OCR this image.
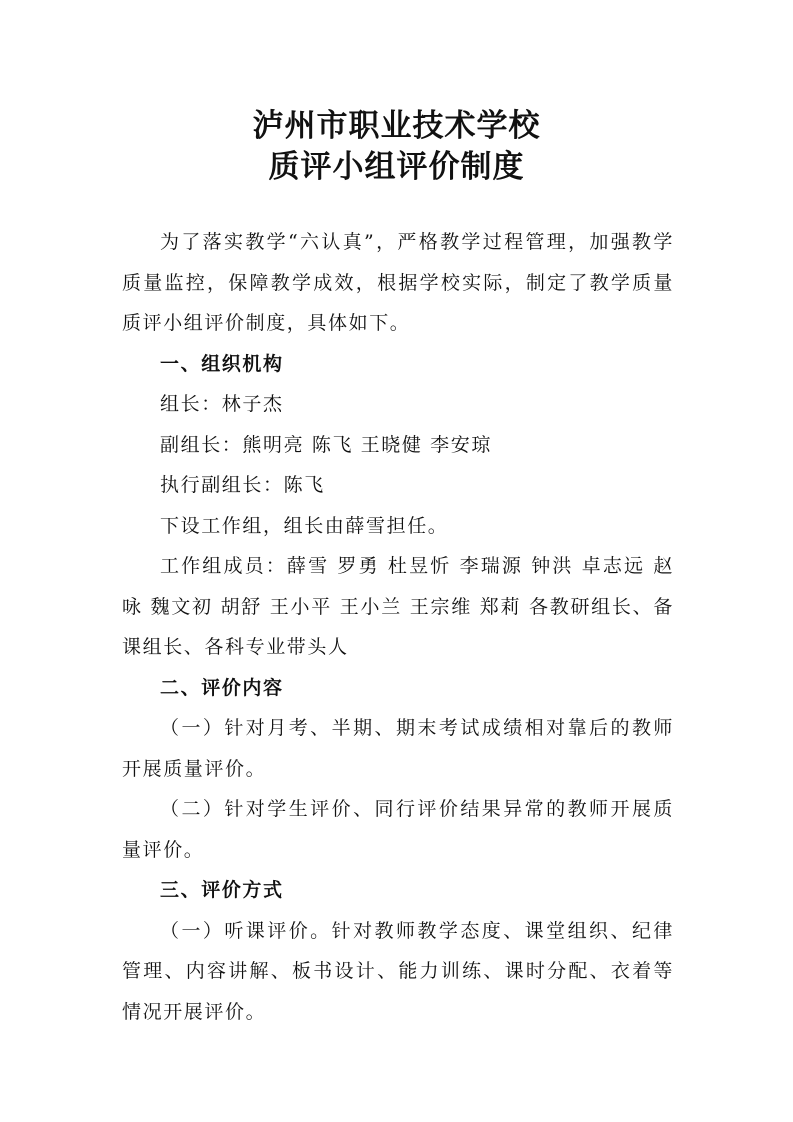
泸州市职业技术学校
质评小组评价制度

为了落实教学“六认真”，严格教学过程管理，加强教学质量监控，保障教学成效，根据学校实际，制定了教学质量质评小组评价制度，具体如下。

一、组织机构

组长：林子杰

副组长：熊明亮 陈飞 王晓健 李安琼

执行副组长：陈飞

下设工作组，组长由薛雪担任。

工作组成员：薛雪 罗勇 杜昱忻 李瑞源 钟洪 卓志远 赵咏 魏文初 胡舒 王小平 王小兰 王宗维 郑莉 各教研组长、备课组长、各科专业带头人

二、评价内容

（一）针对月考、半期、期末考试成绩相对靠后的教师开展质量评价。

（二）针对学生评价、同行评价结果异常的教师开展质量评价。

三、评价方式

（一）听课评价。针对教师教学态度、课堂组织、纪律管理、内容讲解、板书设计、能力训练、课时分配、衣着等情况开展评价。
